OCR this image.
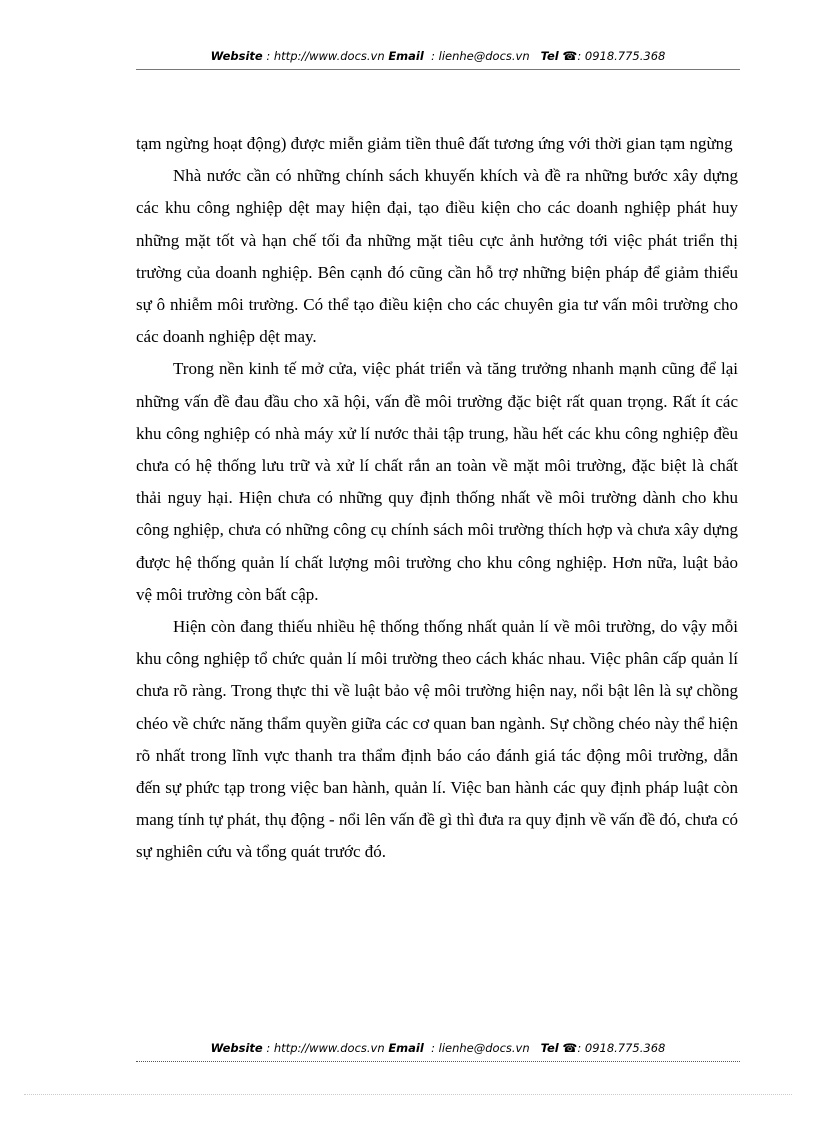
Website : http://www.docs.vn Email  : lienhe@docs.vn   Tel ☎: 0918.775.368

tạm ngừng hoạt động) được miễn giảm tiền thuê đất tương ứng với thời gian tạm ngừng

Nhà nước cần có những chính sách khuyến khích và đề ra những bước xây dựng các khu công nghiệp dệt may hiện đại, tạo điều kiện cho các doanh nghiệp phát huy những mặt tốt và hạn chế tối đa những mặt tiêu cực ảnh hưởng tới việc phát triển thị trường của doanh nghiệp. Bên cạnh đó cũng cần hỗ trợ những biện pháp để giảm thiểu sự ô nhiễm môi trường. Có thể tạo điều kiện cho các chuyên gia tư vấn môi trường cho các doanh nghiệp dệt may.

Trong nền kinh tế mở cửa, việc phát triển và tăng trưởng nhanh mạnh cũng để lại những vấn đề đau đầu cho xã hội, vấn đề môi trường đặc biệt rất quan trọng. Rất ít các khu công nghiệp có nhà máy xử lí nước thải tập trung, hầu hết các khu công nghiệp đều chưa có hệ thống lưu trữ và xử lí chất rắn an toàn về mặt môi trường, đặc biệt là chất thải nguy hại. Hiện chưa có những quy định thống nhất về môi trường dành cho khu công nghiệp, chưa có những công cụ chính sách môi trường thích hợp và chưa xây dựng được hệ thống quản lí chất lượng môi trường cho khu công nghiệp. Hơn nữa, luật bảo vệ môi trường còn bất cập.

Hiện còn đang thiếu nhiều hệ thống thống nhất quản lí về môi trường, do vậy mỗi khu công nghiệp tổ chức quản lí môi trường theo cách khác nhau. Việc phân cấp quản lí chưa rõ ràng. Trong thực thi về luật bảo vệ môi trường hiện nay, nổi bật lên là sự chồng chéo về chức năng thẩm quyền giữa các cơ quan ban ngành. Sự chồng chéo này thể hiện rõ nhất trong lĩnh vực thanh tra thẩm định báo cáo đánh giá tác động môi trường, dẫn đến sự phức tạp trong việc ban hành, quản lí. Việc ban hành các quy định pháp luật còn mang tính tự phát, thụ động - nổi lên vấn đề gì thì đưa ra quy định về vấn đề đó, chưa có sự nghiên cứu và tổng quát trước đó.

Website : http://www.docs.vn Email  : lienhe@docs.vn   Tel ☎: 0918.775.368
